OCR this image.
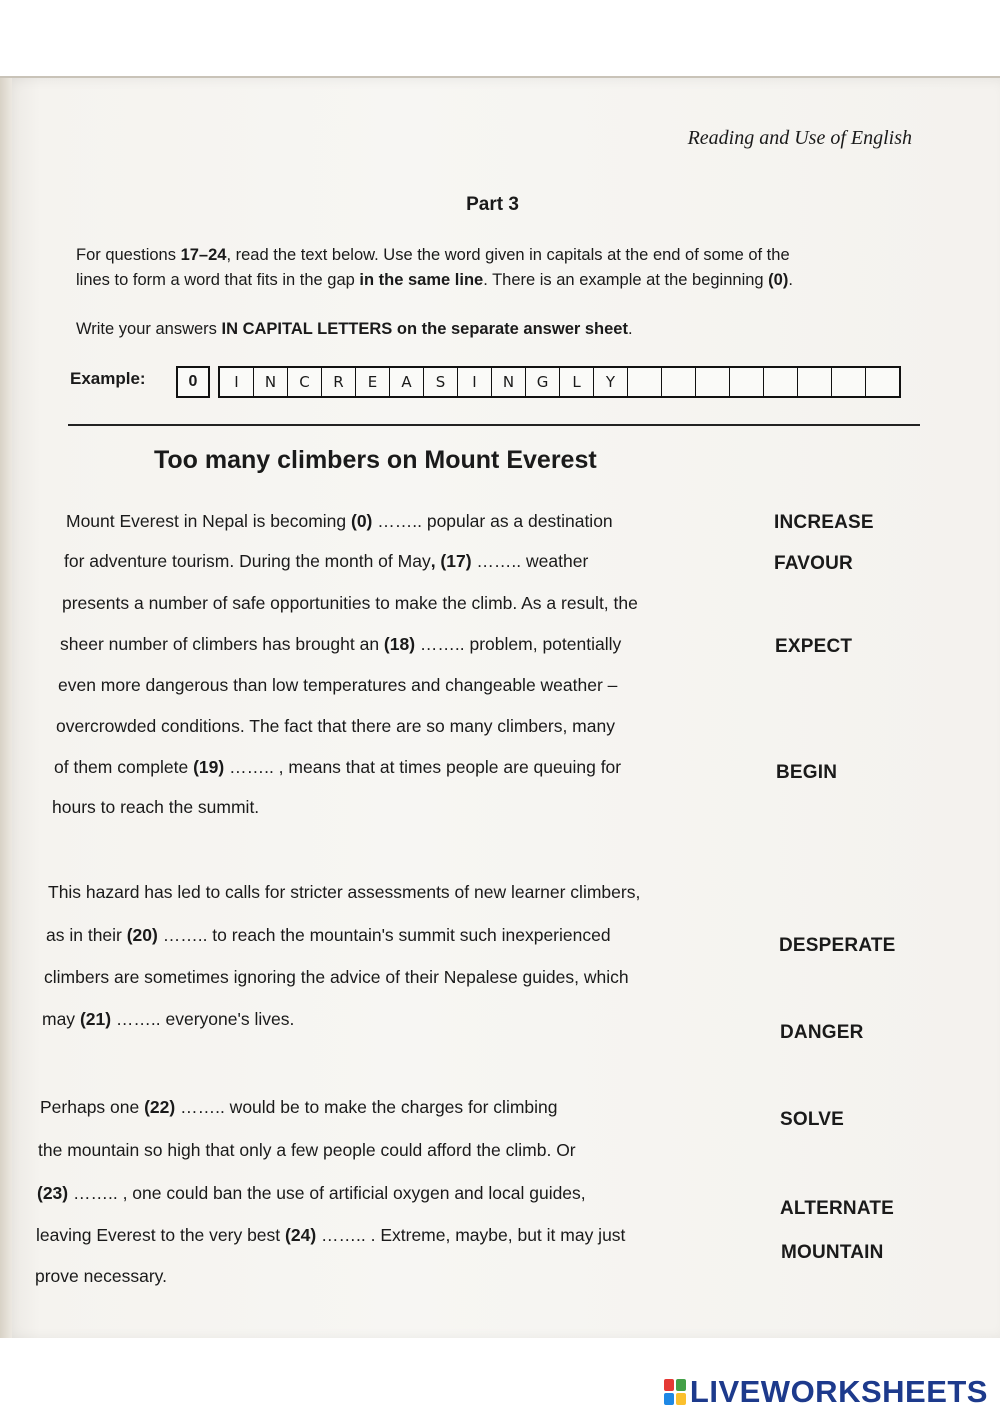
Reading and Use of English
Part 3
For questions 17–24, read the text below. Use the word given in capitals at the end of some of the
lines to form a word that fits in the gap in the same line. There is an example at the beginning (0).
Write your answers IN CAPITAL LETTERS on the separate answer sheet.
Example:	0	I	N	C	R	E	A	S	I	N	G	L	Y
Too many climbers on Mount Everest
Mount Everest in Nepal is becoming (0) …….. popular as a destination
for adventure tourism. During the month of May, (17) …….. weather
presents a number of safe opportunities to make the climb. As a result, the
sheer number of climbers has brought an (18) …….. problem, potentially
even more dangerous than low temperatures and changeable weather –
overcrowded conditions. The fact that there are so many climbers, many
of them complete (19) …….. , means that at times people are queuing for
hours to reach the summit.
This hazard has led to calls for stricter assessments of new learner climbers,
as in their (20) …….. to reach the mountain's summit such inexperienced
climbers are sometimes ignoring the advice of their Nepalese guides, which
may (21) …….. everyone's lives.
Perhaps one (22) …….. would be to make the charges for climbing
the mountain so high that only a few people could afford the climb. Or
(23) …….. , one could ban the use of artificial oxygen and local guides,
leaving Everest to the very best (24) …….. . Extreme, maybe, but it may just
prove necessary.
INCREASE
FAVOUR
EXPECT
BEGIN
DESPERATE
DANGER
SOLVE
ALTERNATE
MOUNTAIN
LIVEWORKSHEETS
